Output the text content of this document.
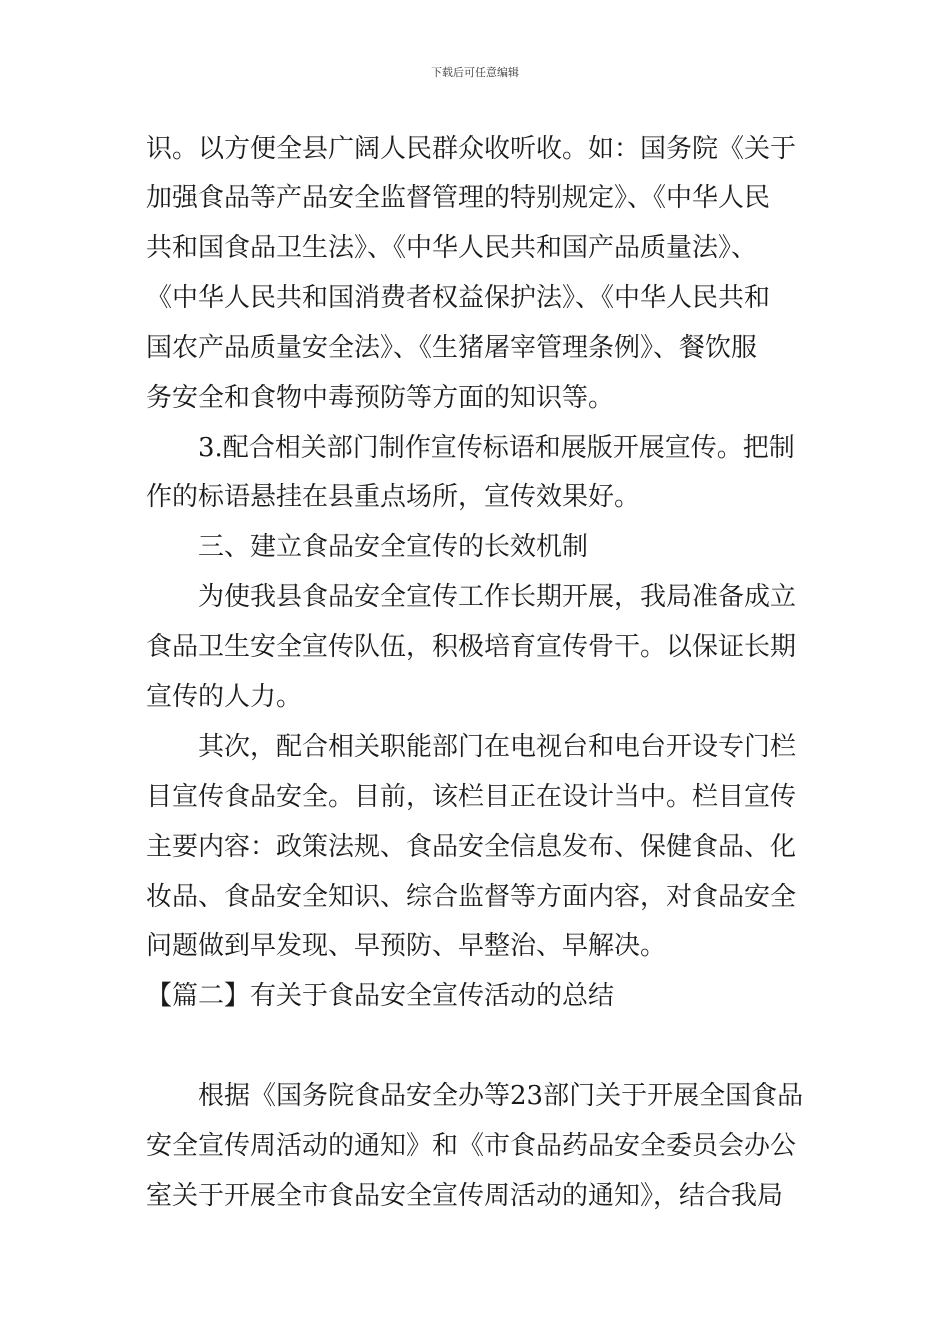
下载后可任意编辑
识。以方便全县广阔人民群众收听收。如：国务院《关于
加强食品等产品安全监督管理的特别规定》、《中华人民
共和国食品卫生法》、《中华人民共和国产品质量法》、
《中华人民共和国消费者权益保护法》、《中华人民共和
国农产品质量安全法》、《生猪屠宰管理条例》、餐饮服
务安全和食物中毒预防等方面的知识等。
3.配合相关部门制作宣传标语和展版开展宣传。把制
作的标语悬挂在县重点场所，宣传效果好。
三、建立食品安全宣传的长效机制
为使我县食品安全宣传工作长期开展，我局准备成立
食品卫生安全宣传队伍，积极培育宣传骨干。以保证长期
宣传的人力。
其次，配合相关职能部门在电视台和电台开设专门栏
目宣传食品安全。目前，该栏目正在设计当中。栏目宣传
主要内容：政策法规、食品安全信息发布、保健食品、化
妆品、食品安全知识、综合监督等方面内容，对食品安全
问题做到早发现、早预防、早整治、早解决。
【篇二】有关于食品安全宣传活动的总结
根据《国务院食品安全办等23部门关于开展全国食品
安全宣传周活动的通知》和《市食品药品安全委员会办公
室关于开展全市食品安全宣传周活动的通知》，结合我局
